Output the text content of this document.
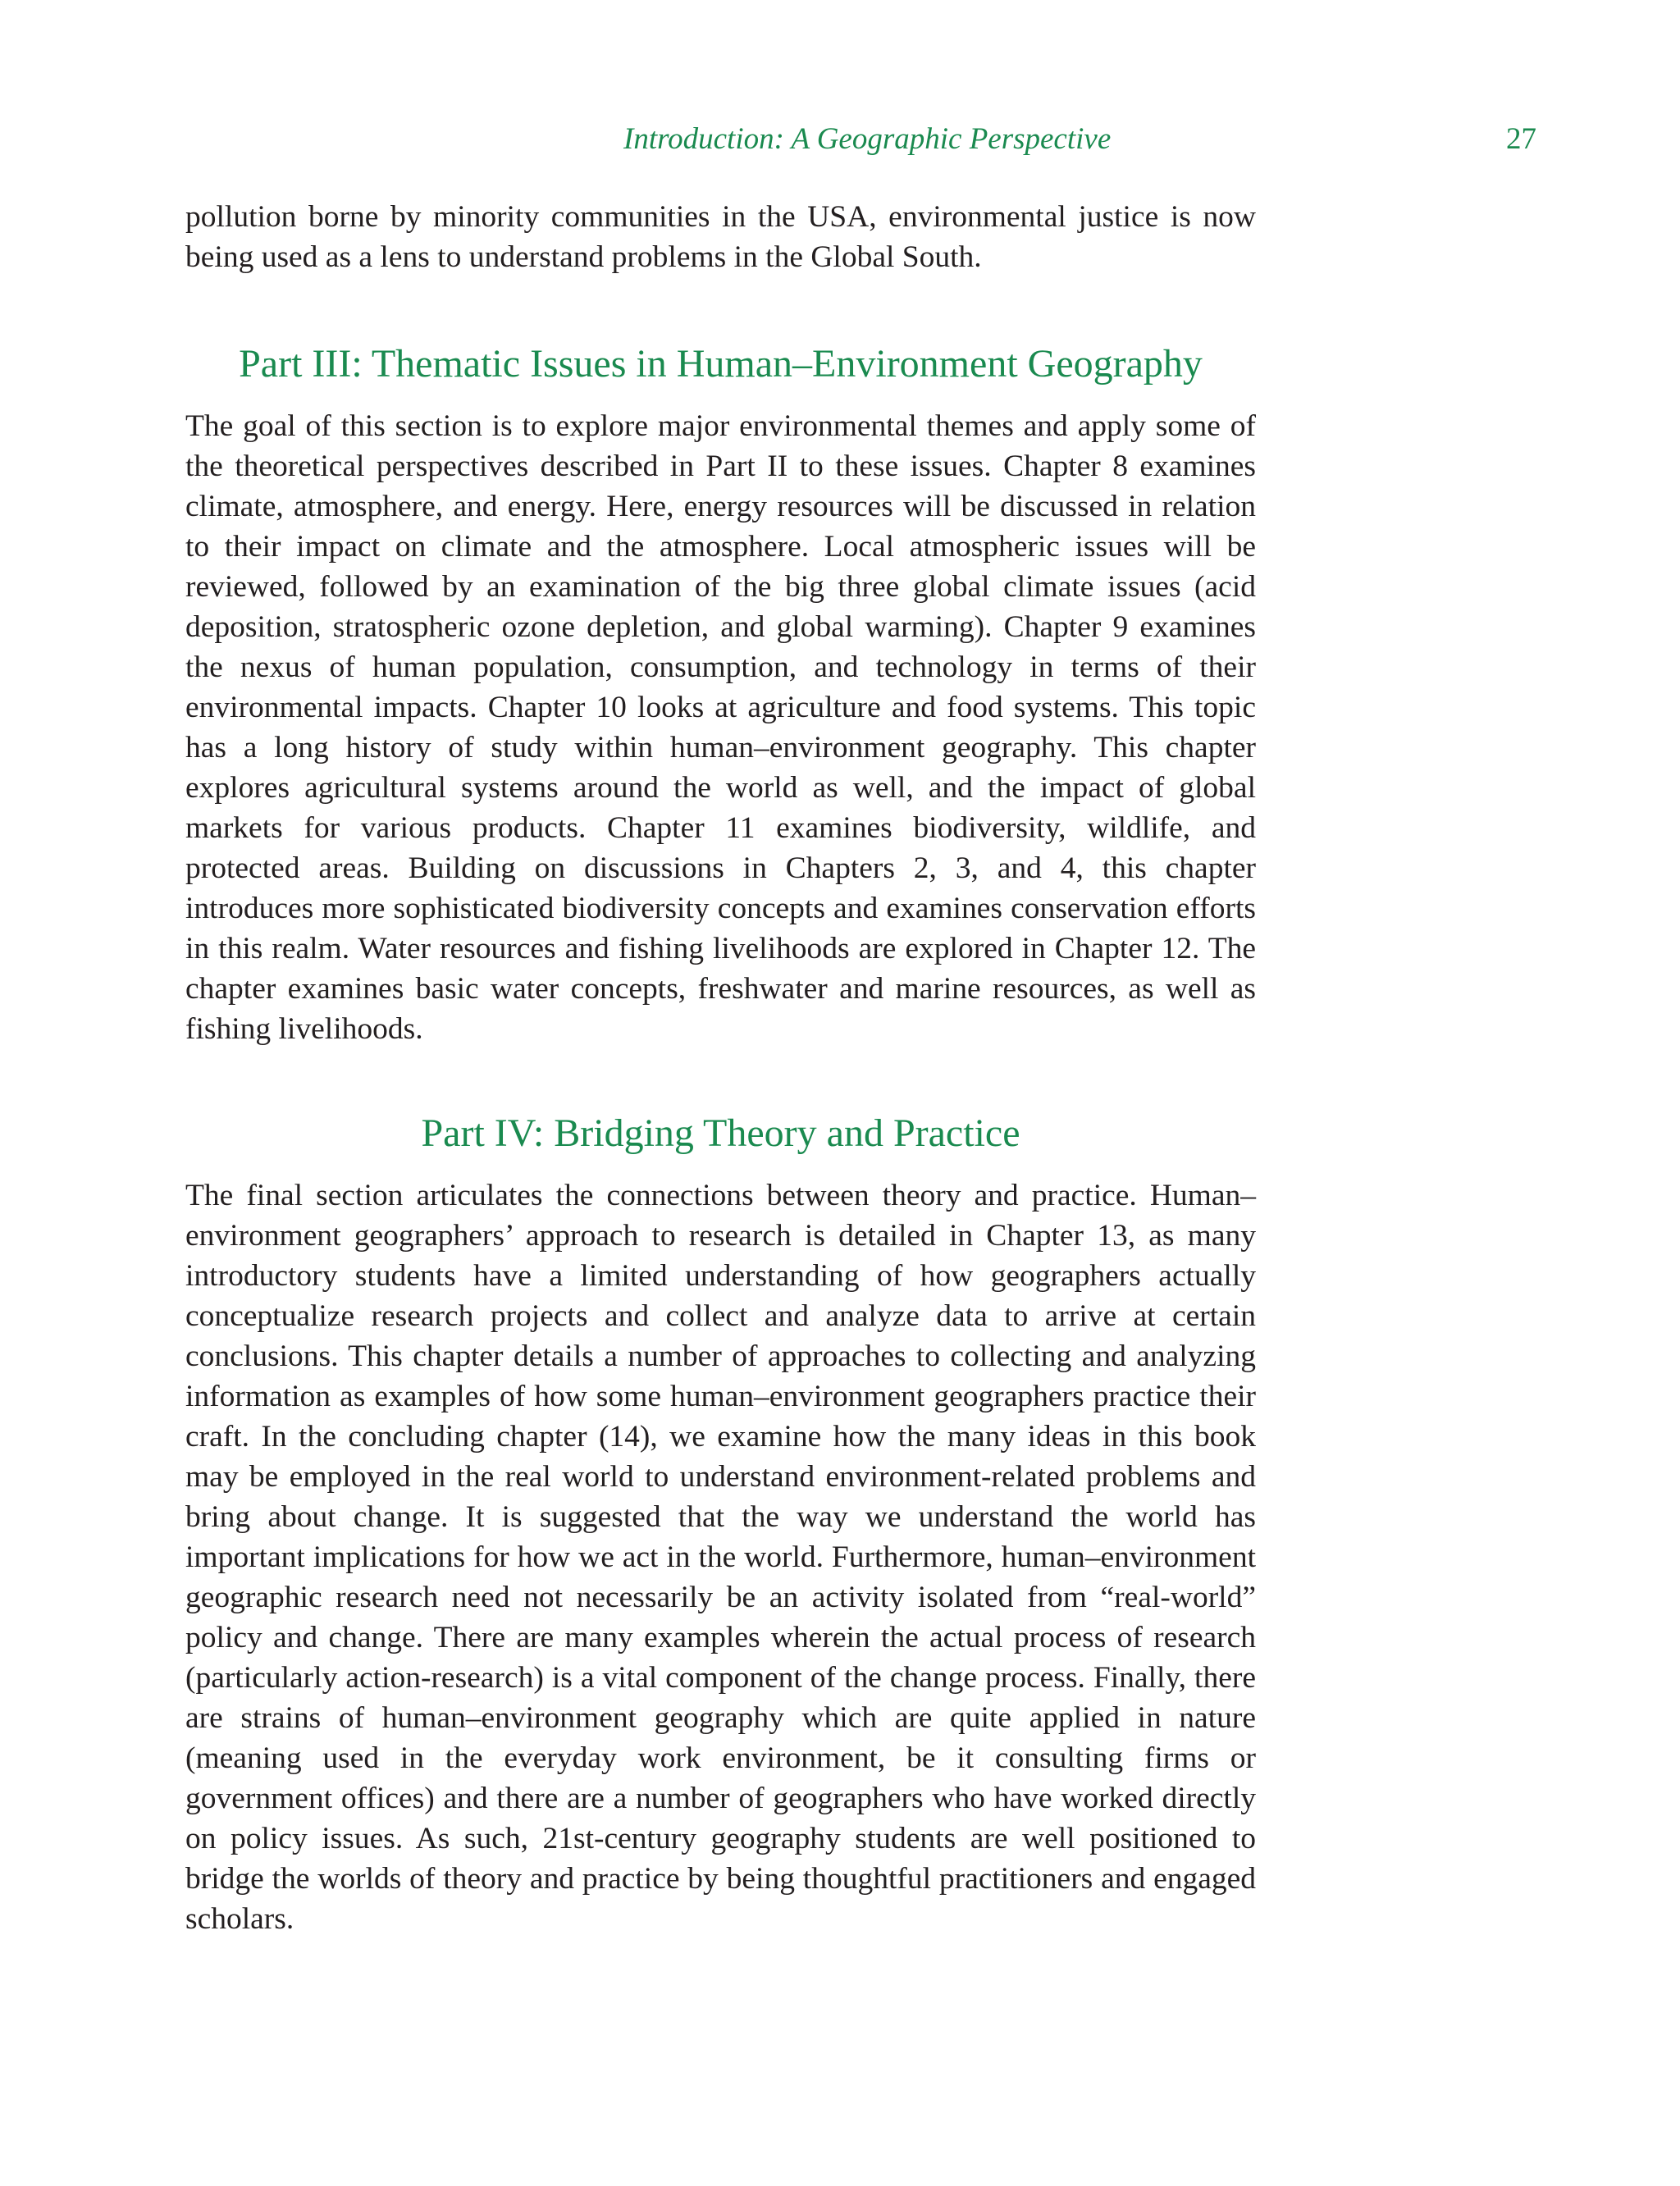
Introduction: A Geographic Perspective	27

pollution borne by minority communities in the USA, environmental justice is now being used as a lens to understand problems in the Global South.

Part III: Thematic Issues in Human–Environment Geography

The goal of this section is to explore major environmental themes and apply some of the theoretical perspectives described in Part II to these issues. Chapter 8 examines climate, atmosphere, and energy. Here, energy resources will be discussed in relation to their impact on climate and the atmosphere. Local atmospheric issues will be reviewed, followed by an examination of the big three global climate issues (acid deposition, stratospheric ozone depletion, and global warming). Chapter 9 examines the nexus of human population, consumption, and technology in terms of their environmental impacts. Chapter 10 looks at agriculture and food systems. This topic has a long history of study within human–environment geography. This chapter explores agricultural systems around the world as well, and the impact of global markets for various products. Chapter 11 examines biodiversity, wildlife, and protected areas. Building on discussions in Chapters 2, 3, and 4, this chapter introduces more sophisticated biodiversity concepts and examines conservation efforts in this realm. Water resources and fishing livelihoods are explored in Chapter 12. The chapter examines basic water concepts, freshwater and marine resources, as well as fishing livelihoods.

Part IV: Bridging Theory and Practice

The final section articulates the connections between theory and practice. Human–environment geographers’ approach to research is detailed in Chapter 13, as many introductory students have a limited understanding of how geographers actually conceptualize research projects and collect and analyze data to arrive at certain conclusions. This chapter details a number of approaches to collecting and analyzing information as examples of how some human–environment geographers practice their craft. In the concluding chapter (14), we examine how the many ideas in this book may be employed in the real world to understand environment-related problems and bring about change. It is suggested that the way we understand the world has important implications for how we act in the world. Furthermore, human–environment geographic research need not necessarily be an activity isolated from “real-world” policy and change. There are many examples wherein the actual process of research (particularly action-research) is a vital component of the change process. Finally, there are strains of human–environment geography which are quite applied in nature (meaning used in the everyday work environment, be it consulting firms or government offices) and there are a number of geographers who have worked directly on policy issues. As such, 21st-century geography students are well positioned to bridge the worlds of theory and practice by being thoughtful practitioners and engaged scholars.
